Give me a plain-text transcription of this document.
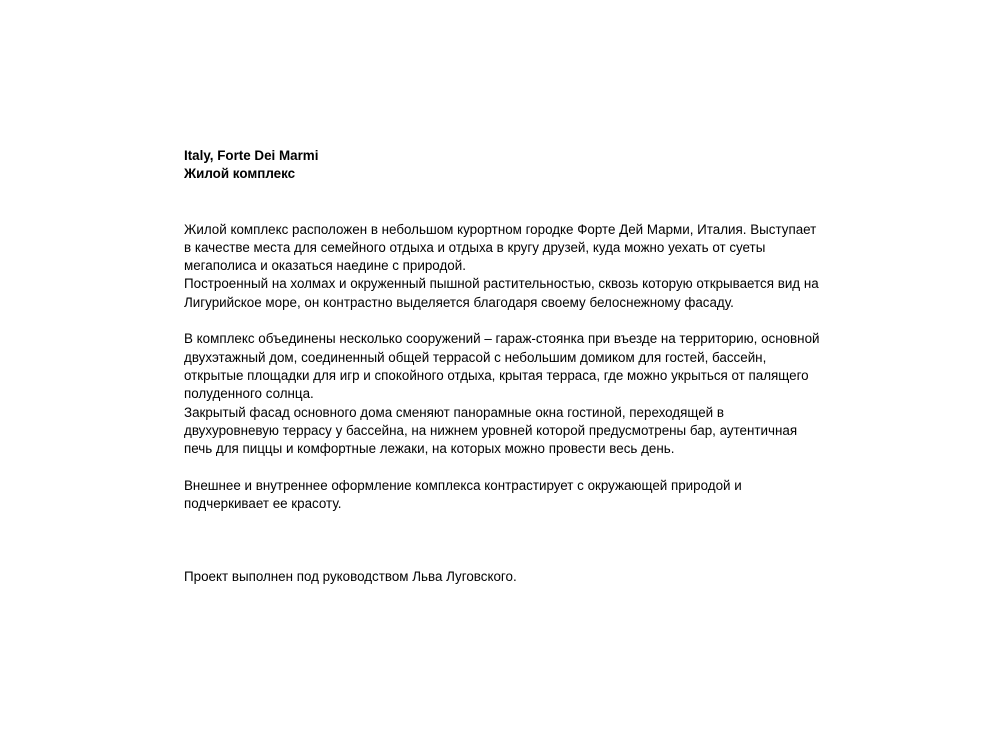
Italy, Forte Dei Marmi

Жилой комплекс

Жилой комплекс расположен в небольшом курортном городке Форте Дей Марми, Италия. Выступает
в качестве места для семейного отдыха и отдыха в кругу друзей, куда можно уехать от суеты
мегаполиса и оказаться наедине с природой.
Построенный на холмах и окруженный пышной растительностью, сквозь которую открывается вид на
Лигурийское море, он контрастно выделяется благодаря своему белоснежному фасаду.

В комплекс объединены несколько сооружений – гараж-стоянка при въезде на территорию, основной
двухэтажный дом, соединенный общей террасой с небольшим домиком для гостей, бассейн,
открытые площадки для игр и спокойного отдыха, крытая терраса, где можно укрыться от палящего
полуденного солнца.
Закрытый фасад основного дома сменяют панорамные окна гостиной, переходящей в
двухуровневую террасу у бассейна, на нижнем уровней которой предусмотрены бар, аутентичная
печь для пиццы и комфортные лежаки, на которых можно провести весь день.

Внешнее и внутреннее оформление комплекса контрастирует с окружающей природой и
подчеркивает ее красоту.

Проект выполнен под руководством Льва Луговского.
